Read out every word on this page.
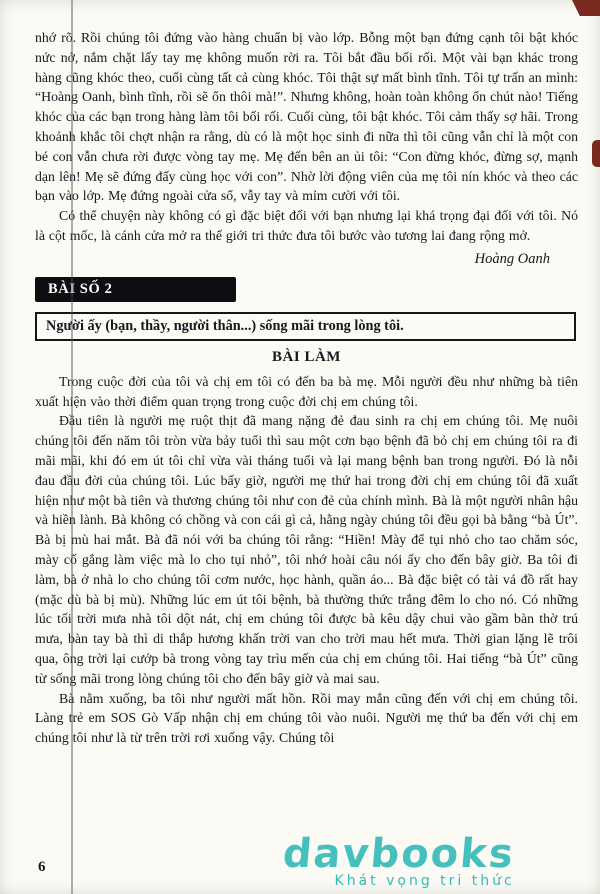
nhớ rõ. Rồi chúng tôi đứng vào hàng chuẩn bị vào lớp. Bỗng một bạn đứng cạnh tôi bật khóc nức nở, nắm chặt lấy tay mẹ không muốn rời ra. Tôi bắt đầu bối rối. Một vài bạn khác trong hàng cũng khóc theo, cuối cùng tất cả cùng khóc. Tôi thật sự mất bình tĩnh. Tôi tự trấn an mình: “Hoàng Oanh, bình tĩnh, rồi sẽ ổn thôi mà!”. Nhưng không, hoàn toàn không ổn chút nào! Tiếng khóc của các bạn trong hàng làm tôi bối rối. Cuối cùng, tôi bật khóc. Tôi cảm thấy sợ hãi. Trong khoảnh khắc tôi chợt nhận ra rằng, dù có là một học sinh đi nữa thì tôi cũng vẫn chỉ là một con bé con vẫn chưa rời được vòng tay mẹ. Mẹ đến bên an ủi tôi: “Con đừng khóc, đừng sợ, mạnh dạn lên! Mẹ sẽ đứng đấy cùng học với con”. Nhờ lời động viên của mẹ tôi nín khóc và theo các bạn vào lớp. Mẹ đứng ngoài cửa sổ, vẫy tay và mỉm cười với tôi.

Có thể chuyện này không có gì đặc biệt đối với bạn nhưng lại khá trọng đại đối với tôi. Nó là cột mốc, là cánh cửa mở ra thế giới tri thức đưa tôi bước vào tương lai đang rộng mở.

Hoàng Oanh
BÀI SỐ 2
Người ấy (bạn, thầy, người thân...) sống mãi trong lòng tôi.
BÀI LÀM

Trong cuộc đời của tôi và chị em tôi có đến ba bà mẹ. Mỗi người đều như những bà tiên xuất hiện vào thời điểm quan trọng trong cuộc đời chị em chúng tôi.

Đầu tiên là người mẹ ruột thịt đã mang nặng đẻ đau sinh ra chị em chúng tôi. Mẹ nuôi chúng tôi đến năm tôi tròn vừa bảy tuổi thì sau một cơn bạo bệnh đã bỏ chị em chúng tôi ra đi mãi mãi, khi đó em út tôi chỉ vừa vài tháng tuổi và lại mang bệnh ban trong người. Đó là nỗi đau đầu đời của chúng tôi. Lúc bấy giờ, người mẹ thứ hai trong đời chị em chúng tôi đã xuất hiện như một bà tiên và thương chúng tôi như con đẻ của chính mình. Bà là một người nhân hậu và hiền lành. Bà không có chồng và con cái gì cả, hằng ngày chúng tôi đều gọi bà bằng “bà Út”. Bà bị mù hai mắt. Bà đã nói với ba chúng tôi rằng: “Hiền! Mày để tụi nhỏ cho tao chăm sóc, mày cố gắng làm việc mà lo cho tụi nhỏ”, tôi nhớ hoài câu nói ấy cho đến bây giờ. Ba tôi đi làm, bà ở nhà lo cho chúng tôi cơm nước, học hành, quần áo... Bà đặc biệt có tài vá đồ rất hay (mặc dù bà bị mù). Những lúc em út tôi bệnh, bà thường thức trắng đêm lo cho nó. Có những lúc tối trời mưa nhà tôi dột nát, chị em chúng tôi được bà kêu dậy chui vào gầm bàn thờ trú mưa, bàn tay bà thì di thắp hương khấn trời van cho trời mau hết mưa. Thời gian lặng lẽ trôi qua, ông trời lại cướp bà trong vòng tay trìu mến của chị em chúng tôi. Hai tiếng “bà Út” cũng từ sống mãi trong lòng chúng tôi cho đến bây giờ và mai sau.

Bà nằm xuống, ba tôi như người mất hồn. Rồi may mắn cũng đến với chị em chúng tôi. Làng trẻ em SOS Gò Vấp nhận chị em chúng tôi vào nuôi. Người mẹ thứ ba đến với chị em chúng tôi như là từ trên trời rơi xuống vậy. Chúng tôi

6	davbooks
Khát vọng tri thức
